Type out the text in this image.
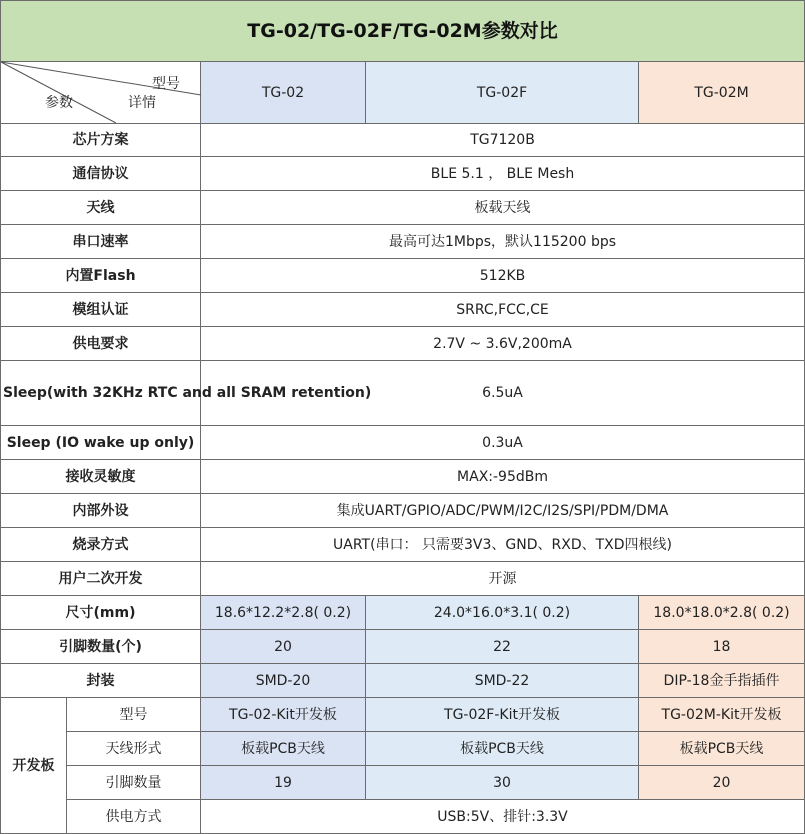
TG-02/TG-02F/TG-02M参数对比				

型号
详情
参数		TG-02	TG-02F	TG-02M
芯片方案		TG7120B		
通信协议		BLE 5.1 ， BLE Mesh		
天线		板载天线		
串口速率		最高可达1Mbps，默认115200 bps		
内置Flash		512KB		
模组认证		SRRC,FCC,CE		
供电要求		2.7V ~ 3.6V,200mA		
Sleep(with 32KHz RTC and all SRAM retention)		6.5uA		
Sleep (IO wake up only)		0.3uA		
接收灵敏度		MAX:-95dBm		
内部外设		集成UART/GPIO/ADC/PWM/I2C/I2S/SPI/PDM/DMA		
烧录方式		UART(串口： 只需要3V3、GND、RXD、TXD四根线)		
用户二次开发		开源		
尺寸(mm)		18.6*12.2*2.8( 0.2)	24.0*16.0*3.1( 0.2)	18.0*18.0*2.8( 0.2)
引脚数量(个)		20	22	18
封装		SMD-20	SMD-22	DIP-18金手指插件
开发板	型号	TG-02-Kit开发板	TG-02F-Kit开发板	TG-02M-Kit开发板
	天线形式	板载PCB天线	板载PCB天线	板载PCB天线
	引脚数量	19	30	20
	供电方式	USB:5V、排针:3.3V		
